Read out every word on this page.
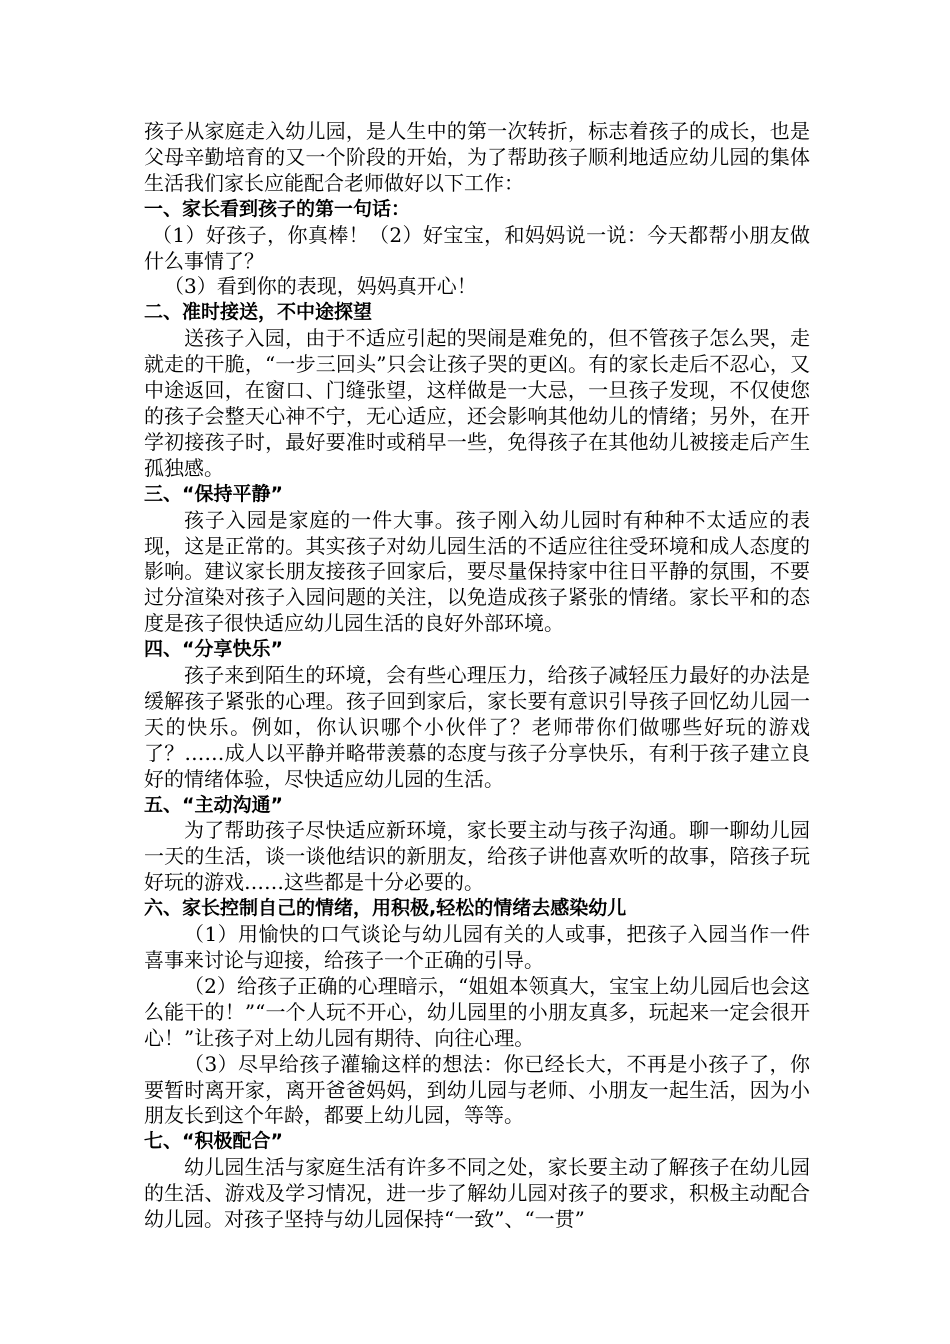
孩子从家庭走入幼儿园，是人生中的第一次转折，标志着孩子的成长，也是父母辛勤培育的又一个阶段的开始，为了帮助孩子顺利地适应幼儿园的集体生活我们家长应能配合老师做好以下工作：

一、家长看到孩子的第一句话：

（1）好孩子，你真棒！（2）好宝宝，和妈妈说一说：今天都帮小朋友做什么事情了？

（3）看到你的表现，妈妈真开心！

二、准时接送，不中途探望

送孩子入园，由于不适应引起的哭闹是难免的，但不管孩子怎么哭，走就走的干脆，“一步三回头”只会让孩子哭的更凶。有的家长走后不忍心，又中途返回，在窗口、门缝张望，这样做是一大忌，一旦孩子发现，不仅使您的孩子会整天心神不宁，无心适应，还会影响其他幼儿的情绪；另外，在开学初接孩子时，最好要准时或稍早一些，免得孩子在其他幼儿被接走后产生孤独感。

三、“保持平静”

孩子入园是家庭的一件大事。孩子刚入幼儿园时有种种不太适应的表现，这是正常的。其实孩子对幼儿园生活的不适应往往受环境和成人态度的影响。建议家长朋友接孩子回家后，要尽量保持家中往日平静的氛围，不要过分渲染对孩子入园问题的关注，以免造成孩子紧张的情绪。家长平和的态度是孩子很快适应幼儿园生活的良好外部环境。

四、“分享快乐”

孩子来到陌生的环境，会有些心理压力，给孩子减轻压力最好的办法是缓解孩子紧张的心理。孩子回到家后，家长要有意识引导孩子回忆幼儿园一天的快乐。例如，你认识哪个小伙伴了？老师带你们做哪些好玩的游戏了？……成人以平静并略带羡慕的态度与孩子分享快乐，有利于孩子建立良好的情绪体验，尽快适应幼儿园的生活。

五、“主动沟通”

为了帮助孩子尽快适应新环境，家长要主动与孩子沟通。聊一聊幼儿园一天的生活，谈一谈他结识的新朋友，给孩子讲他喜欢听的故事，陪孩子玩好玩的游戏……这些都是十分必要的。

六、家长控制自己的情绪，用积极,轻松的情绪去感染幼儿

（1）用愉快的口气谈论与幼儿园有关的人或事，把孩子入园当作一件喜事来讨论与迎接，给孩子一个正确的引导。

（2）给孩子正确的心理暗示，“姐姐本领真大，宝宝上幼儿园后也会这么能干的！”“一个人玩不开心，幼儿园里的小朋友真多，玩起来一定会很开心！”让孩子对上幼儿园有期待、向往心理。

（3）尽早给孩子灌输这样的想法：你已经长大，不再是小孩子了，你要暂时离开家，离开爸爸妈妈，到幼儿园与老师、小朋友一起生活，因为小朋友长到这个年龄，都要上幼儿园，等等。

七、“积极配合”

幼儿园生活与家庭生活有许多不同之处，家长要主动了解孩子在幼儿园的生活、游戏及学习情况，进一步了解幼儿园对孩子的要求，积极主动配合幼儿园。对孩子坚持与幼儿园保持“一致”、“一贯”
